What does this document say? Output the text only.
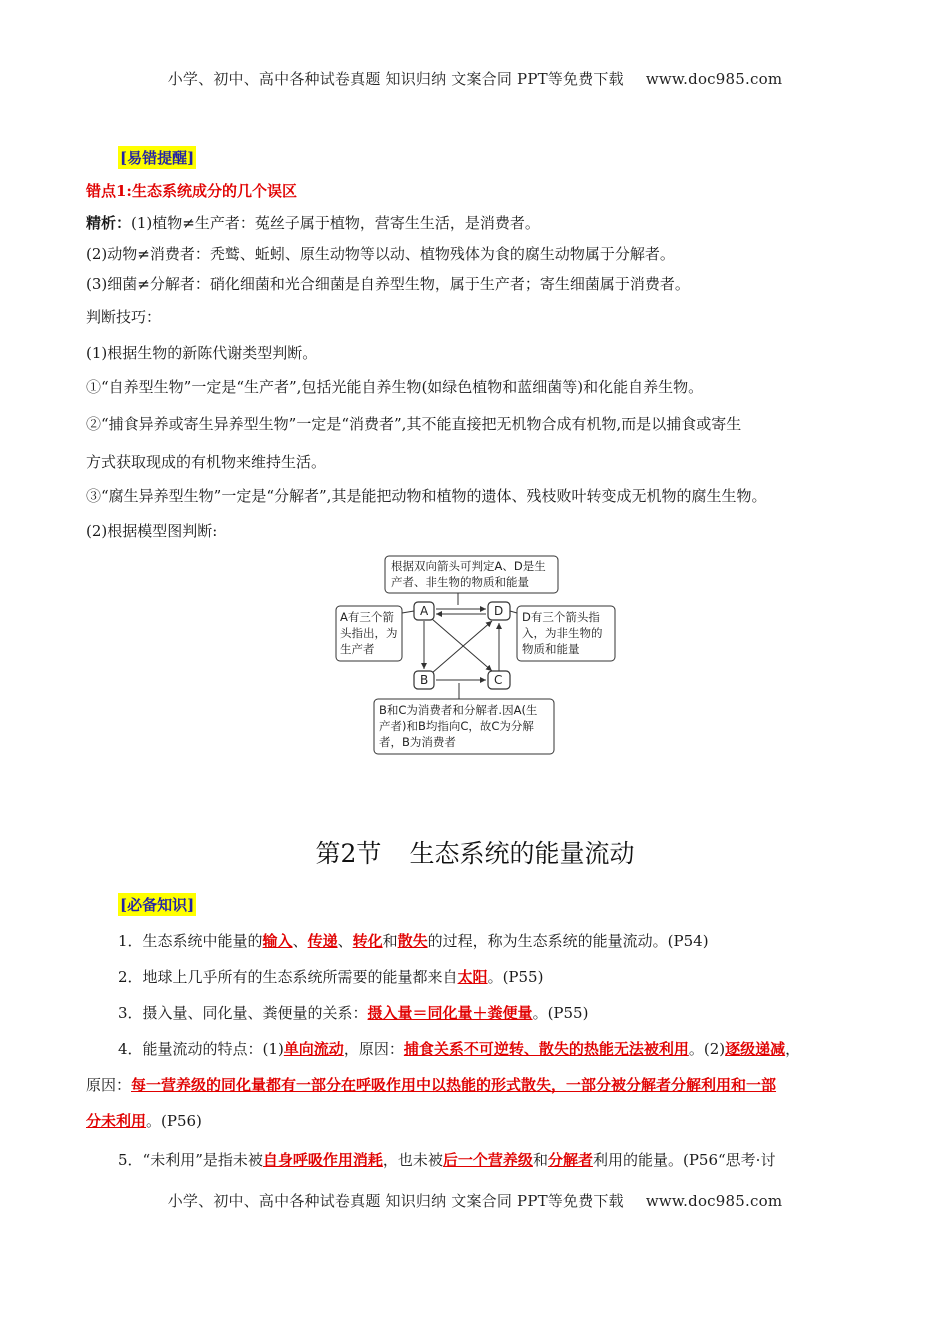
小学、初中、高中各种试卷真题 知识归纳 文案合同 PPT等免费下载 www.doc985.com
[易错提醒]
错点1:生态系统成分的几个误区
精析：(1)植物≠生产者：菟丝子属于植物，营寄生生活，是消费者。
(2)动物≠消费者：秃鹫、蚯蚓、原生动物等以动、植物残体为食的腐生动物属于分解者。
(3)细菌≠分解者：硝化细菌和光合细菌是自养型生物，属于生产者；寄生细菌属于消费者。
判断技巧：
(1)根据生物的新陈代谢类型判断。
①“自养型生物”一定是“生产者”,包括光能自养生物(如绿色植物和蓝细菌等)和化能自养生物。
②“捕食异养或寄生异养型生物”一定是“消费者”,其不能直接把无机物合成有机物,而是以捕食或寄生
方式获取现成的有机物来维持生活。
③“腐生异养型生物”一定是“分解者”,其是能把动物和植物的遗体、残枝败叶转变成无机物的腐生生物。
(2)根据模型图判断:
根据双向箭头可判定A、D是生
产者、非生物的物质和能量
A有三个箭
头指出，为
生产者
D有三个箭头指
入，为非生物的
物质和能量
B和C为消费者和分解者.因A(生
产者)和B均指向C，故C为分解
者，B为消费者
A	D
B	C
第2节 生态系统的能量流动
[必备知识]
1．生态系统中能量的输入、传递、转化和散失的过程，称为生态系统的能量流动。(P54)
2．地球上几乎所有的生态系统所需要的能量都来自太阳。(P55)
3．摄入量、同化量、粪便量的关系：摄入量＝同化量＋粪便量。(P55)
4．能量流动的特点：(1)单向流动，原因：捕食关系不可逆转、散失的热能无法被利用。(2)逐级递减，
原因：每一营养级的同化量都有一部分在呼吸作用中以热能的形式散失，一部分被分解者分解利用和一部
分未利用。(P56)
5．“未利用”是指未被自身呼吸作用消耗，也未被后一个营养级和分解者利用的能量。(P56“思考·讨
小学、初中、高中各种试卷真题 知识归纳 文案合同 PPT等免费下载 www.doc985.com
